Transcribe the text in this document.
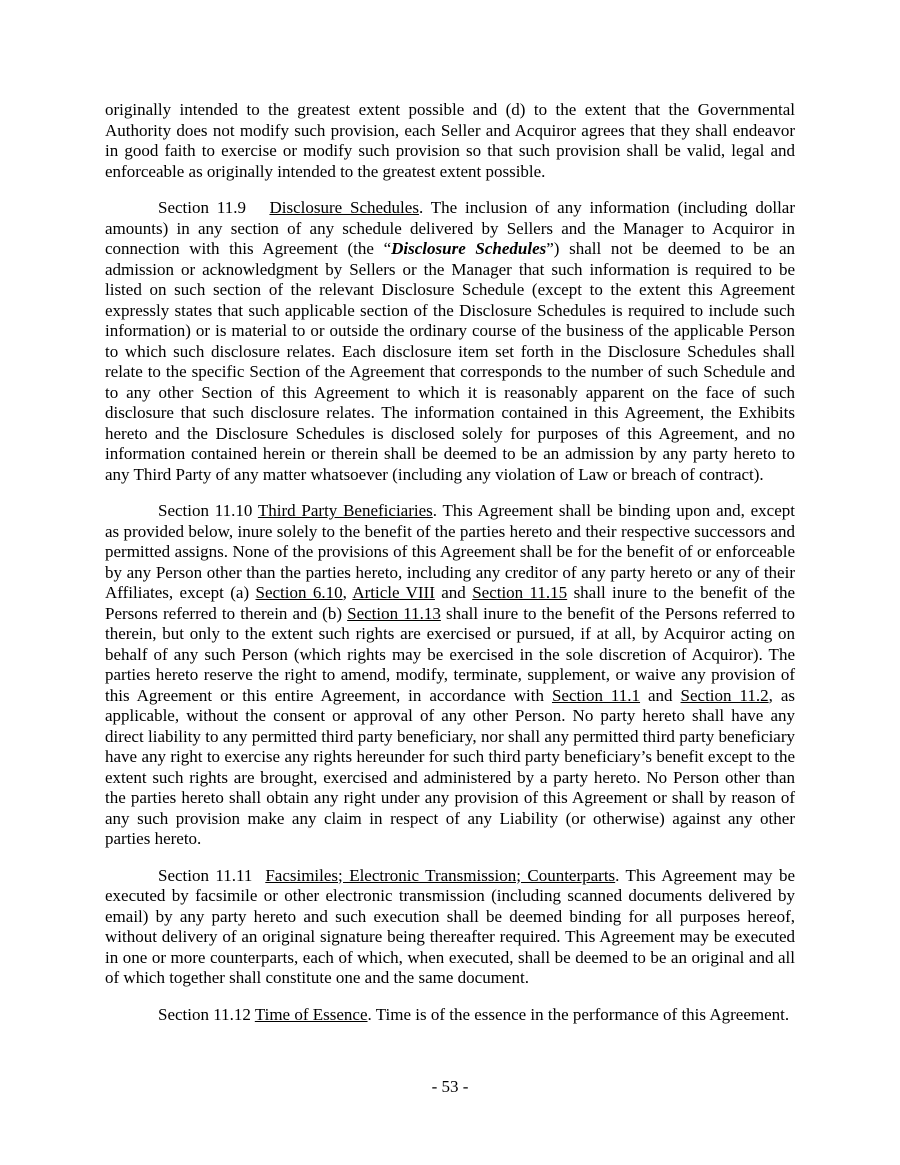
originally intended to the greatest extent possible and (d) to the extent that the Governmental Authority does not modify such provision, each Seller and Acquiror agrees that they shall endeavor in good faith to exercise or modify such provision so that such provision shall be valid, legal and enforceable as originally intended to the greatest extent possible.

Section 11.9   Disclosure Schedules. The inclusion of any information (including dollar amounts) in any section of any schedule delivered by Sellers and the Manager to Acquiror in connection with this Agreement (the “Disclosure Schedules”) shall not be deemed to be an admission or acknowledgment by Sellers or the Manager that such information is required to be listed on such section of the relevant Disclosure Schedule (except to the extent this Agreement expressly states that such applicable section of the Disclosure Schedules is required to include such information) or is material to or outside the ordinary course of the business of the applicable Person to which such disclosure relates. Each disclosure item set forth in the Disclosure Schedules shall relate to the specific Section of the Agreement that corresponds to the number of such Schedule and to any other Section of this Agreement to which it is reasonably apparent on the face of such disclosure that such disclosure relates. The information contained in this Agreement, the Exhibits hereto and the Disclosure Schedules is disclosed solely for purposes of this Agreement, and no information contained herein or therein shall be deemed to be an admission by any party hereto to any Third Party of any matter whatsoever (including any violation of Law or breach of contract).

Section 11.10 Third Party Beneficiaries. This Agreement shall be binding upon and, except as provided below, inure solely to the benefit of the parties hereto and their respective successors and permitted assigns. None of the provisions of this Agreement shall be for the benefit of or enforceable by any Person other than the parties hereto, including any creditor of any party hereto or any of their Affiliates, except (a) Section 6.10, Article VIII and Section 11.15 shall inure to the benefit of the Persons referred to therein and (b) Section 11.13 shall inure to the benefit of the Persons referred to therein, but only to the extent such rights are exercised or pursued, if at all, by Acquiror acting on behalf of any such Person (which rights may be exercised in the sole discretion of Acquiror). The parties hereto reserve the right to amend, modify, terminate, supplement, or waive any provision of this Agreement or this entire Agreement, in accordance with Section 11.1 and Section 11.2, as applicable, without the consent or approval of any other Person. No party hereto shall have any direct liability to any permitted third party beneficiary, nor shall any permitted third party beneficiary have any right to exercise any rights hereunder for such third party beneficiary’s benefit except to the extent such rights are brought, exercised and administered by a party hereto. No Person other than the parties hereto shall obtain any right under any provision of this Agreement or shall by reason of any such provision make any claim in respect of any Liability (or otherwise) against any other parties hereto.

Section 11.11  Facsimiles; Electronic Transmission; Counterparts. This Agreement may be executed by facsimile or other electronic transmission (including scanned documents delivered by email) by any party hereto and such execution shall be deemed binding for all purposes hereof, without delivery of an original signature being thereafter required. This Agreement may be executed in one or more counterparts, each of which, when executed, shall be deemed to be an original and all of which together shall constitute one and the same document.

Section 11.12 Time of Essence. Time is of the essence in the performance of this Agreement.

- 53 -
